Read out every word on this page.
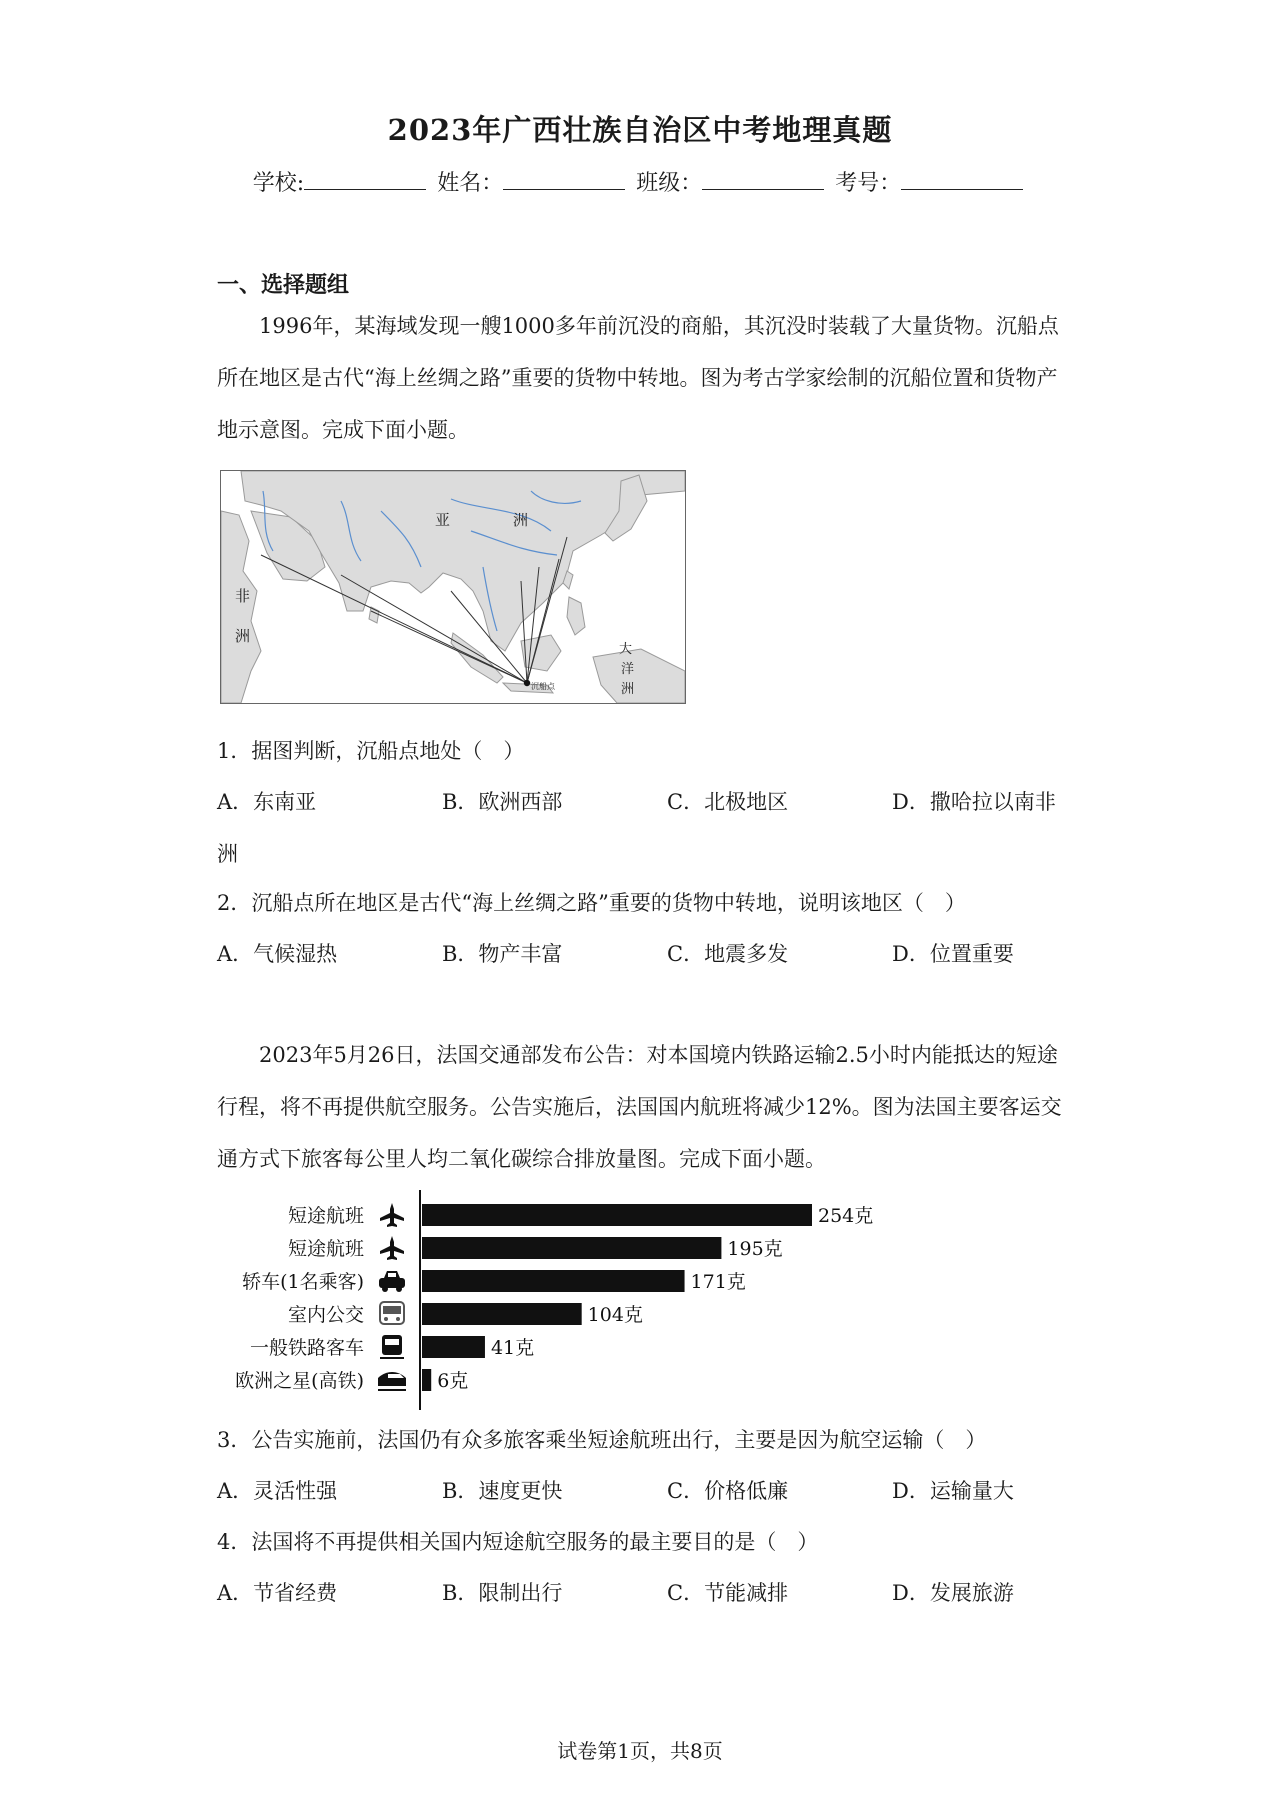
2023年广西壮族自治区中考地理真题
学校:	姓名：	班级：	考号：
一、选择题组
1996年，某海域发现一艘1000多年前沉没的商船，其沉没时装载了大量货物。沉船点所在地区是古代“海上丝绸之路”重要的货物中转地。图为考古学家绘制的沉船位置和货物产地示意图。完成下面小题。
亚	洲
非
洲
大
洋
洲
沉船点
1．据图判断，沉船点地处（　）
A．东南亚	B．欧洲西部	C．北极地区	D．撒哈拉以南非
洲
2．沉船点所在地区是古代“海上丝绸之路”重要的货物中转地，说明该地区（　）
A．气候湿热	B．物产丰富	C．地震多发	D．位置重要
2023年5月26日，法国交通部发布公告：对本国境内铁路运输2.5小时内能抵达的短途行程，将不再提供航空服务。公告实施后，法国国内航班将减少12%。图为法国主要客运交通方式下旅客每公里人均二氧化碳综合排放量图。完成下面小题。
254克
短途航班
195克
短途航班
171克
轿车(1名乘客)
104克
室内公交
41克
一般铁路客车
6克
欧洲之星(高铁)
3．公告实施前，法国仍有众多旅客乘坐短途航班出行，主要是因为航空运输（　）
A．灵活性强	B．速度更快	C．价格低廉	D．运输量大
4．法国将不再提供相关国内短途航空服务的最主要目的是（　）
A．节省经费	B．限制出行	C．节能减排	D．发展旅游
试卷第1页，共8页
